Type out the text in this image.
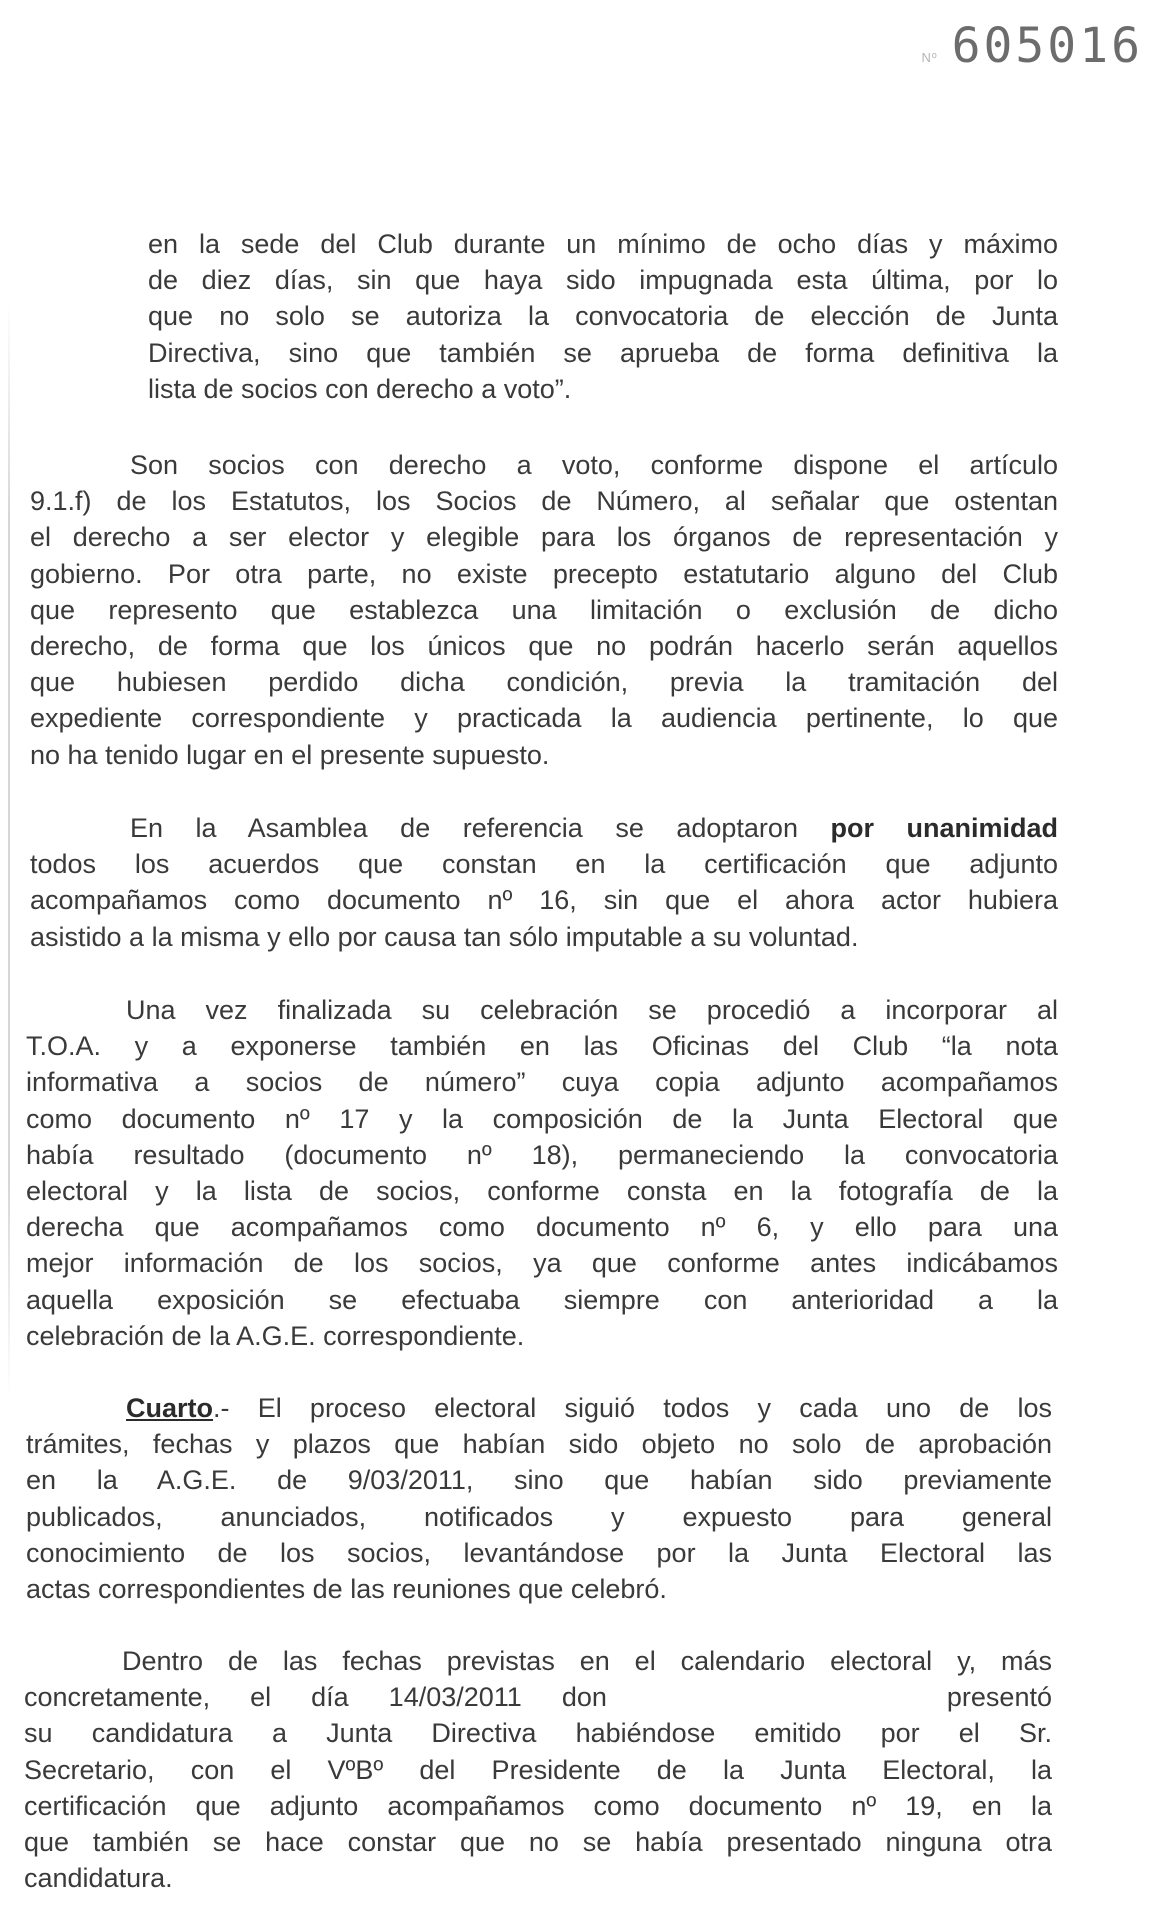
Nº 605016

en la sede del Club durante un mínimo de ocho días y máximo
de diez días, sin que haya sido impugnada esta última, por lo
que no solo se autoriza la convocatoria de elección de Junta
Directiva, sino que también se aprueba de forma definitiva la
lista de socios con derecho a voto”.

Son socios con derecho a voto, conforme dispone el artículo
9.1.f) de los Estatutos, los Socios de Número, al señalar que ostentan
el derecho a ser elector y elegible para los órganos de representación y
gobierno. Por otra parte, no existe precepto estatutario alguno del Club
que represento que establezca una limitación o exclusión de dicho
derecho, de forma que los únicos que no podrán hacerlo serán aquellos
que hubiesen perdido dicha condición, previa la tramitación del
expediente correspondiente y practicada la audiencia pertinente, lo que
no ha tenido lugar en el presente supuesto.

En la Asamblea de referencia se adoptaron por unanimidad
todos los acuerdos que constan en la certificación que adjunto
acompañamos como documento nº 16, sin que el ahora actor hubiera
asistido a la misma y ello por causa tan sólo imputable a su voluntad.

Una vez finalizada su celebración se procedió a incorporar al
T.O.A. y a exponerse también en las Oficinas del Club “la nota
informativa a socios de número” cuya copia adjunto acompañamos
como documento nº 17 y la composición de la Junta Electoral que
había resultado (documento nº 18), permaneciendo la convocatoria
electoral y la lista de socios, conforme consta en la fotografía de la
derecha que acompañamos como documento nº 6, y ello para una
mejor información de los socios, ya que conforme antes indicábamos
aquella exposición se efectuaba siempre con anterioridad a la
celebración de la A.G.E. correspondiente.

Cuarto.- El proceso electoral siguió todos y cada uno de los
trámites, fechas y plazos que habían sido objeto no solo de aprobación
en la A.G.E. de 9/03/2011, sino que habían sido previamente
publicados, anunciados, notificados y expuesto para general
conocimiento de los socios, levantándose por la Junta Electoral las
actas correspondientes de las reuniones que celebró.

Dentro de las fechas previstas en el calendario electoral y, más
concretamente, el día 14/03/2011 don	presentó
su candidatura a Junta Directiva habiéndose emitido por el Sr.
Secretario, con el VºBº del Presidente de la Junta Electoral, la
certificación que adjunto acompañamos como documento nº 19, en la
que también se hace constar que no se había presentado ninguna otra
candidatura.
